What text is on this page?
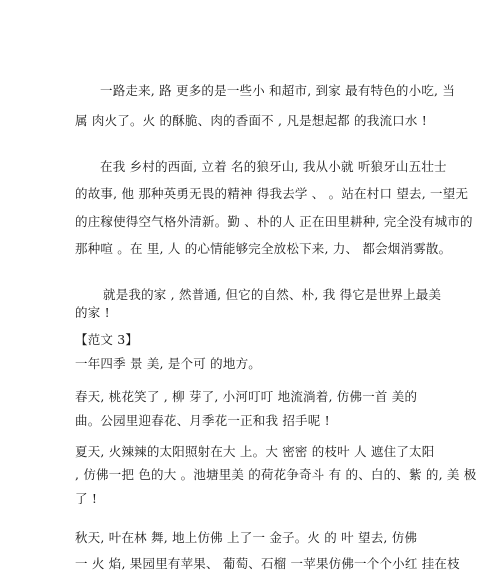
一路走来, 路 更多的是一些小 和超市, 到家 最有特色的小吃, 当
属 肉火了。火 的酥脆、肉的香面不 , 凡是想起都 的我流口水 !
在我 乡村的西面, 立着 名的狼牙山, 我从小就 听狼牙山五壮士
的故事, 他 那种英勇无畏的精神 得我去学 、 。站在村口 望去, 一望无
的庄稼使得空气格外清新。勤 、朴的人 正在田里耕种, 完全没有城市的
那种喧 。在 里, 人 的心情能够完全放松下来, 力、 都会烟消雾散。
就是我的家 , 然普通, 但它的自然、朴, 我 得它是世界上最美
的家 !
【范文 3】
一年四季 景 美, 是个可 的地方。
春天, 桃花笑了 , 柳 芽了, 小河叮叮 地流淌着, 仿佛一首 美的
曲。公园里迎春花、月季花一正和我 招手呢 !
夏天, 火辣辣的太阳照射在大 上。大 密密 的枝叶 人 遮住了太阳
, 仿佛一把 色的大 。池塘里美 的荷花争奇斗 有 的、白的、紫 的, 美 极
了 !
秋天, 叶在林 舞, 地上仿佛 上了一 金子。火 的 叶 望去, 仿佛
一 火 焰, 果园里有苹果、 葡萄、石榴 一苹果仿佛一个个小红 挂在枝
